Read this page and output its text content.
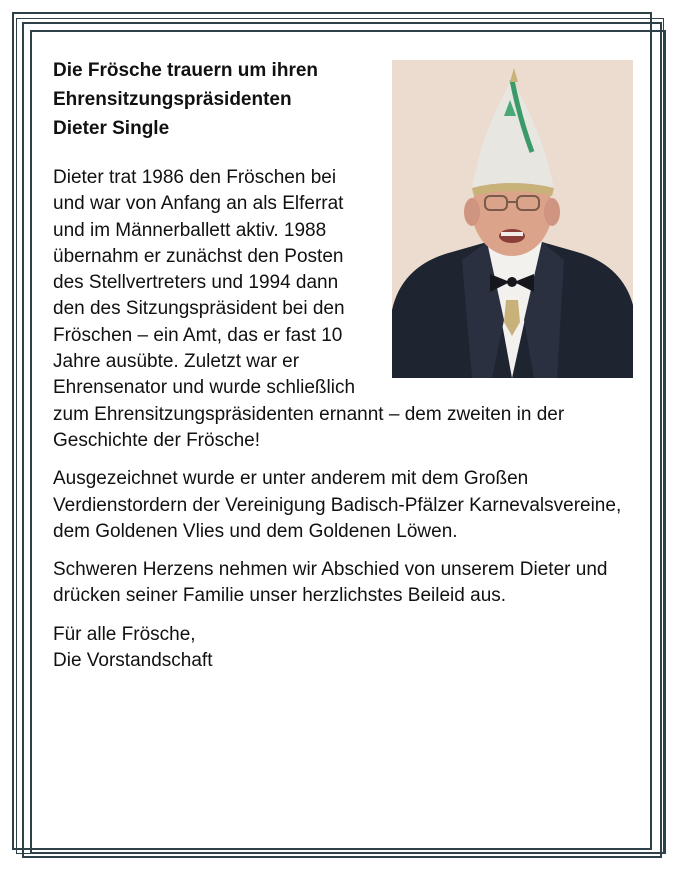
Die Frösche trauern um ihren
Ehrensitzungspräsidenten
Dieter Single

Dieter trat 1986 den Fröschen bei und war von Anfang an als Elferrat und im Männerballett aktiv. 1988 übernahm er zunächst den Posten des Stellvertreters und 1994 dann den des Sitzungspräsident bei den Fröschen – ein Amt, das er fast 10 Jahre ausübte. Zuletzt war er Ehrensenator und wurde schließlich zum Ehrensitzungspräsidenten ernannt – dem zweiten in der Geschichte der Frösche!

Ausgezeichnet wurde er unter anderem mit dem Großen Verdienstordern der Vereinigung Badisch-Pfälzer Karnevalsvereine, dem Goldenen Vlies und dem Goldenen Löwen.

Schweren Herzens nehmen wir Abschied von unserem Dieter und drücken seiner Familie unser herzlichstes Beileid aus.

Für alle Frösche,
Die Vorstandschaft
